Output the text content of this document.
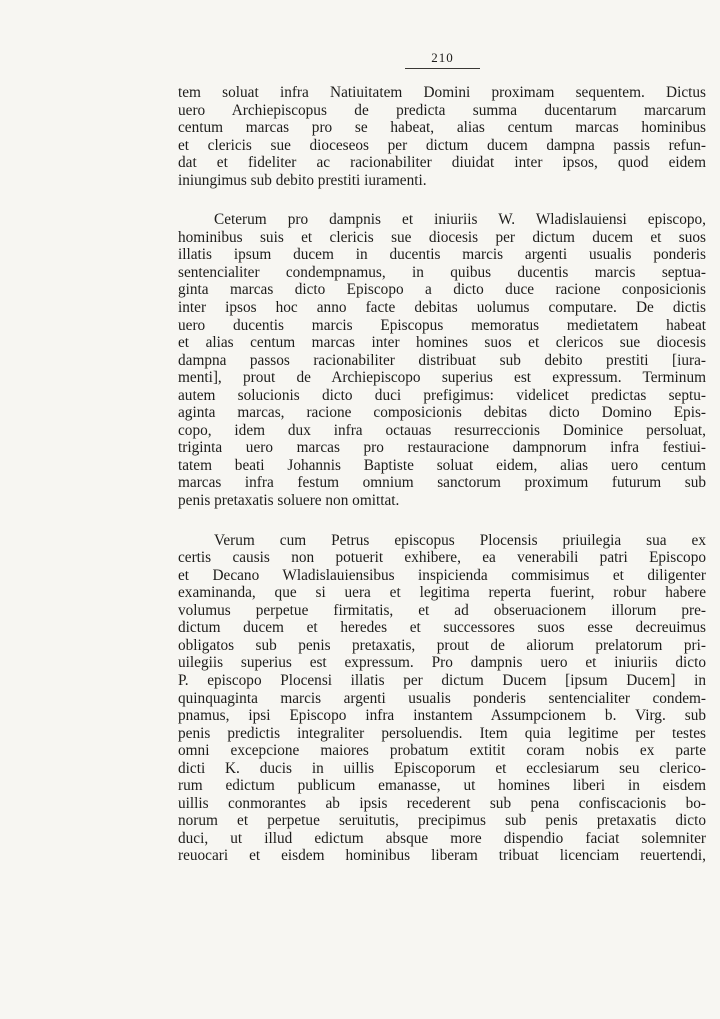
210
tem soluat infra Natiuitatem Domini proximam sequentem. Dictus
uero Archiepiscopus de predicta summa ducentarum marcarum
centum marcas pro se habeat, alias centum marcas hominibus
et clericis sue dioceseos per dictum ducem dampna passis refun-
dat et fideliter ac racionabiliter diuidat inter ipsos, quod eidem
iniungimus sub debito prestiti iuramenti.
Ceterum pro dampnis et iniuriis W. Wladislauiensi episcopo,
hominibus suis et clericis sue diocesis per dictum ducem et suos
illatis ipsum ducem in ducentis marcis argenti usualis ponderis
sentencialiter condempnamus, in quibus ducentis marcis septua-
ginta marcas dicto Episcopo a dicto duce racione conposicionis
inter ipsos hoc anno facte debitas uolumus computare. De dictis
uero ducentis marcis Episcopus memoratus medietatem habeat
et alias centum marcas inter homines suos et clericos sue diocesis
dampna passos racionabiliter distribuat sub debito prestiti [iura-
menti], prout de Archiepiscopo superius est expressum. Terminum
autem solucionis dicto duci prefigimus: videlicet predictas septu-
aginta marcas, racione composicionis debitas dicto Domino Epis-
copo, idem dux infra octauas resurreccionis Dominice persoluat,
triginta uero marcas pro restauracione dampnorum infra festiui-
tatem beati Johannis Baptiste soluat eidem, alias uero centum
marcas infra festum omnium sanctorum proximum futurum sub
penis pretaxatis soluere non omittat.
Verum cum Petrus episcopus Plocensis priuilegia sua ex
certis causis non potuerit exhibere, ea venerabili patri Episcopo
et Decano Wladislauiensibus inspicienda commisimus et diligenter
examinanda, que si uera et legitima reperta fuerint, robur habere
volumus perpetue firmitatis, et ad obseruacionem illorum pre-
dictum ducem et heredes et successores suos esse decreuimus
obligatos sub penis pretaxatis, prout de aliorum prelatorum pri-
uilegiis superius est expressum. Pro dampnis uero et iniuriis dicto
P. episcopo Plocensi illatis per dictum Ducem [ipsum Ducem] in
quinquaginta marcis argenti usualis ponderis sentencialiter condem-
pnamus, ipsi Episcopo infra instantem Assumpcionem b. Virg. sub
penis predictis integraliter persoluendis. Item quia legitime per testes
omni excepcione maiores probatum extitit coram nobis ex parte
dicti K. ducis in uillis Episcoporum et ecclesiarum seu clerico-
rum edictum publicum emanasse, ut homines liberi in eisdem
uillis conmorantes ab ipsis recederent sub pena confiscacionis bo-
norum et perpetue seruitutis, precipimus sub penis pretaxatis dicto
duci, ut illud edictum absque more dispendio faciat solemniter
reuocari et eisdem hominibus liberam tribuat licenciam reuertendi,
